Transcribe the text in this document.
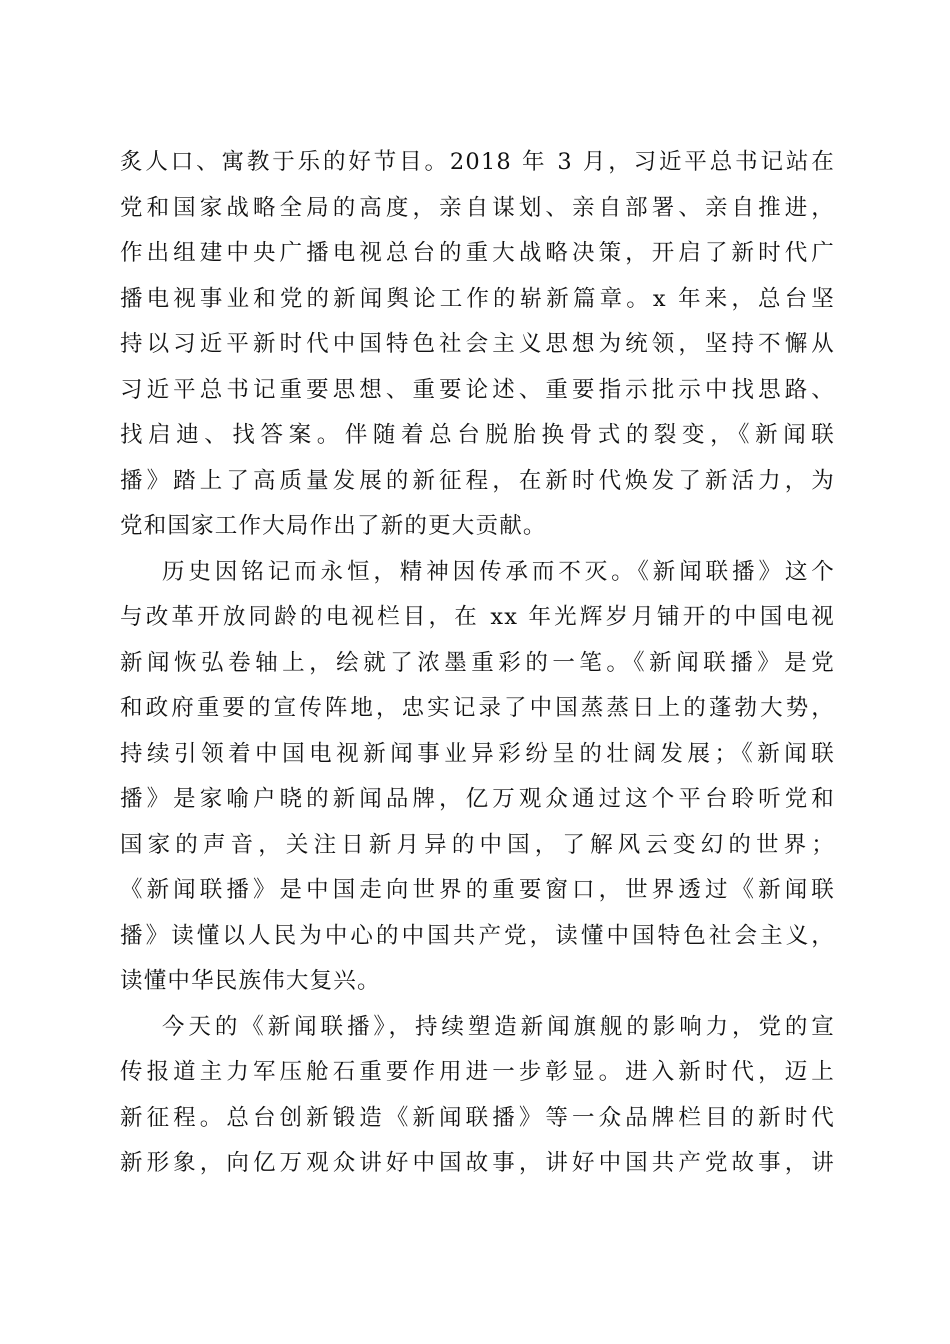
炙人口、寓教于乐的好节目。2018 年 3 月，习近平总书记站在
党和国家战略全局的高度，亲自谋划、亲自部署、亲自推进，
作出组建中央广播电视总台的重大战略决策，开启了新时代广
播电视事业和党的新闻舆论工作的崭新篇章。x 年来，总台坚
持以习近平新时代中国特色社会主义思想为统领，坚持不懈从
习近平总书记重要思想、重要论述、重要指示批示中找思路、
找启迪、找答案。伴随着总台脱胎换骨式的裂变，《新闻联
播》踏上了高质量发展的新征程，在新时代焕发了新活力，为
党和国家工作大局作出了新的更大贡献。
历史因铭记而永恒，精神因传承而不灭。《新闻联播》这个
与改革开放同龄的电视栏目，在 xx 年光辉岁月铺开的中国电视
新闻恢弘卷轴上，绘就了浓墨重彩的一笔。《新闻联播》是党
和政府重要的宣传阵地，忠实记录了中国蒸蒸日上的蓬勃大势，
持续引领着中国电视新闻事业异彩纷呈的壮阔发展；《新闻联
播》是家喻户晓的新闻品牌，亿万观众通过这个平台聆听党和
国家的声音，关注日新月异的中国，了解风云变幻的世界；
《新闻联播》是中国走向世界的重要窗口，世界透过《新闻联
播》读懂以人民为中心的中国共产党，读懂中国特色社会主义，
读懂中华民族伟大复兴。
今天的《新闻联播》，持续塑造新闻旗舰的影响力，党的宣
传报道主力军压舱石重要作用进一步彰显。进入新时代，迈上
新征程。总台创新锻造《新闻联播》等一众品牌栏目的新时代
新形象，向亿万观众讲好中国故事，讲好中国共产党故事，讲
